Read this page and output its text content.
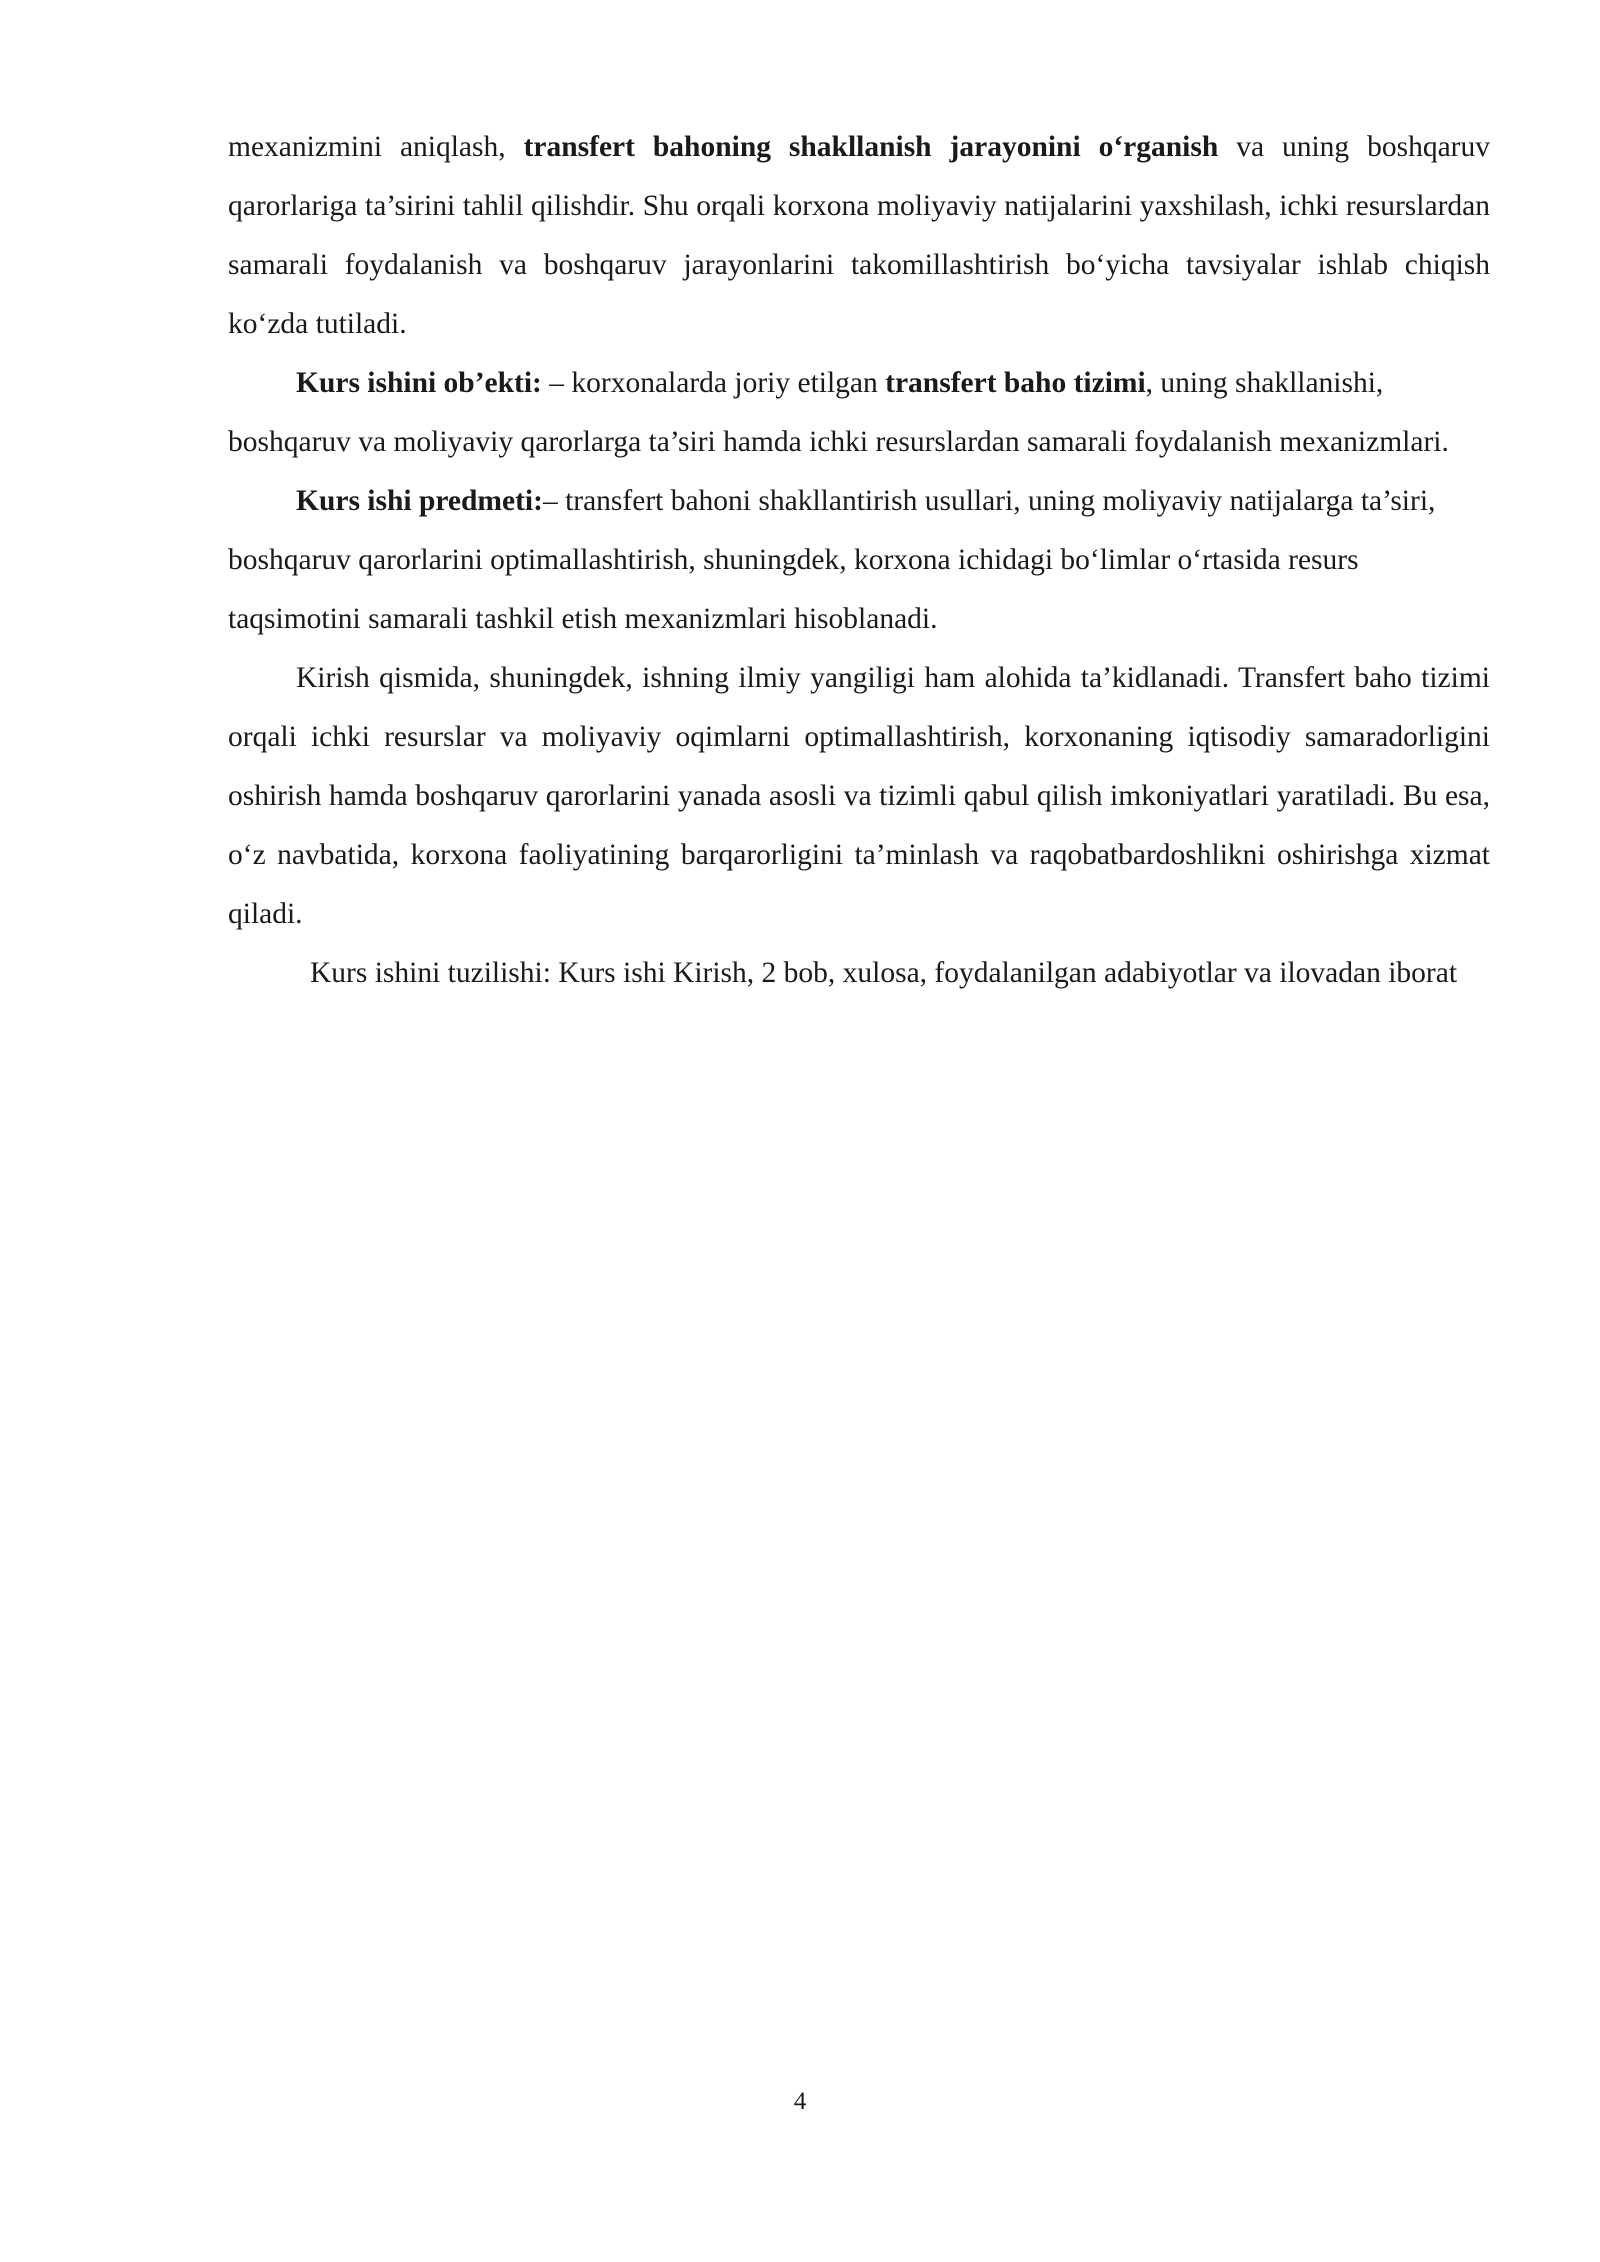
mexanizmini aniqlash, transfert bahoning shakllanish jarayonini o‘rganish va uning boshqaruv qarorlariga ta’sirini tahlil qilishdir. Shu orqali korxona moliyaviy natijalarini yaxshilash, ichki resurslardan samarali foydalanish va boshqaruv jarayonlarini takomillashtirish bo‘yicha tavsiyalar ishlab chiqish ko‘zda tutiladi.

Kurs ishini ob’ekti: – korxonalarda joriy etilgan transfert baho tizimi, uning shakllanishi, boshqaruv va moliyaviy qarorlarga ta’siri hamda ichki resurslardan samarali foydalanish mexanizmlari.

Kurs ishi predmeti:– transfert bahoni shakllantirish usullari, uning moliyaviy natijalarga ta’siri, boshqaruv qarorlarini optimallashtirish, shuningdek, korxona ichidagi bo‘limlar o‘rtasida resurs taqsimotini samarali tashkil etish mexanizmlari hisoblanadi.

Kirish qismida, shuningdek, ishning ilmiy yangiligi ham alohida ta’kidlanadi. Transfert baho tizimi orqali ichki resurslar va moliyaviy oqimlarni optimallashtirish, korxonaning iqtisodiy samaradorligini oshirish hamda boshqaruv qarorlarini yanada asosli va tizimli qabul qilish imkoniyatlari yaratiladi. Bu esa, o‘z navbatida, korxona faoliyatining barqarorligini ta’minlash va raqobatbardoshlikni oshirishga xizmat qiladi.

Kurs ishini tuzilishi: Kurs ishi Kirish, 2 bob, xulosa, foydalanilgan adabiyotlar va ilovadan iborat

4
